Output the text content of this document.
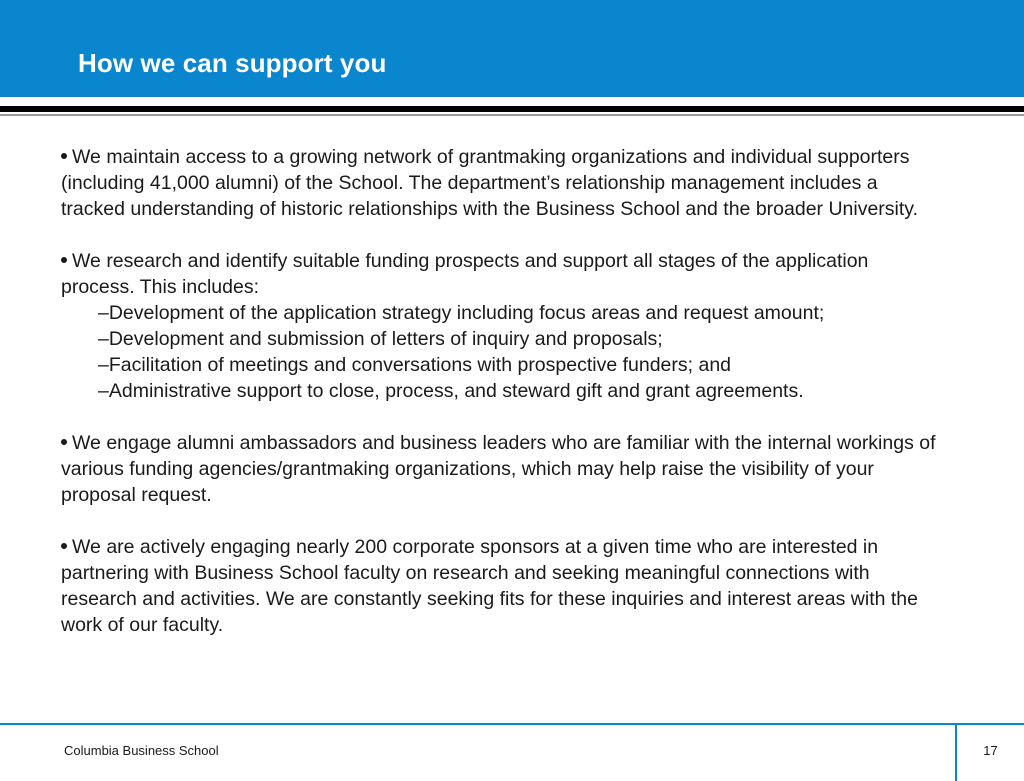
How we can support you

We maintain access to a growing network of grantmaking organizations and individual supporters (including 41,000 alumni) of the School. The department’s relationship management includes a tracked understanding of historic relationships with the Business School and the broader University.

We research and identify suitable funding prospects and support all stages of the application process. This includes:
–Development of the application strategy including focus areas and request amount;
–Development and submission of letters of inquiry and proposals;
–Facilitation of meetings and conversations with prospective funders; and
–Administrative support to close, process, and steward gift and grant agreements.

We engage alumni ambassadors and business leaders who are familiar with the internal workings of various funding agencies/grantmaking organizations, which may help raise the visibility of your proposal request.

We are actively engaging nearly 200 corporate sponsors at a given time who are interested in partnering with Business School faculty on research and seeking meaningful connections with research and activities. We are constantly seeking fits for these inquiries and interest areas with the work of our faculty.

Columbia Business School	17
